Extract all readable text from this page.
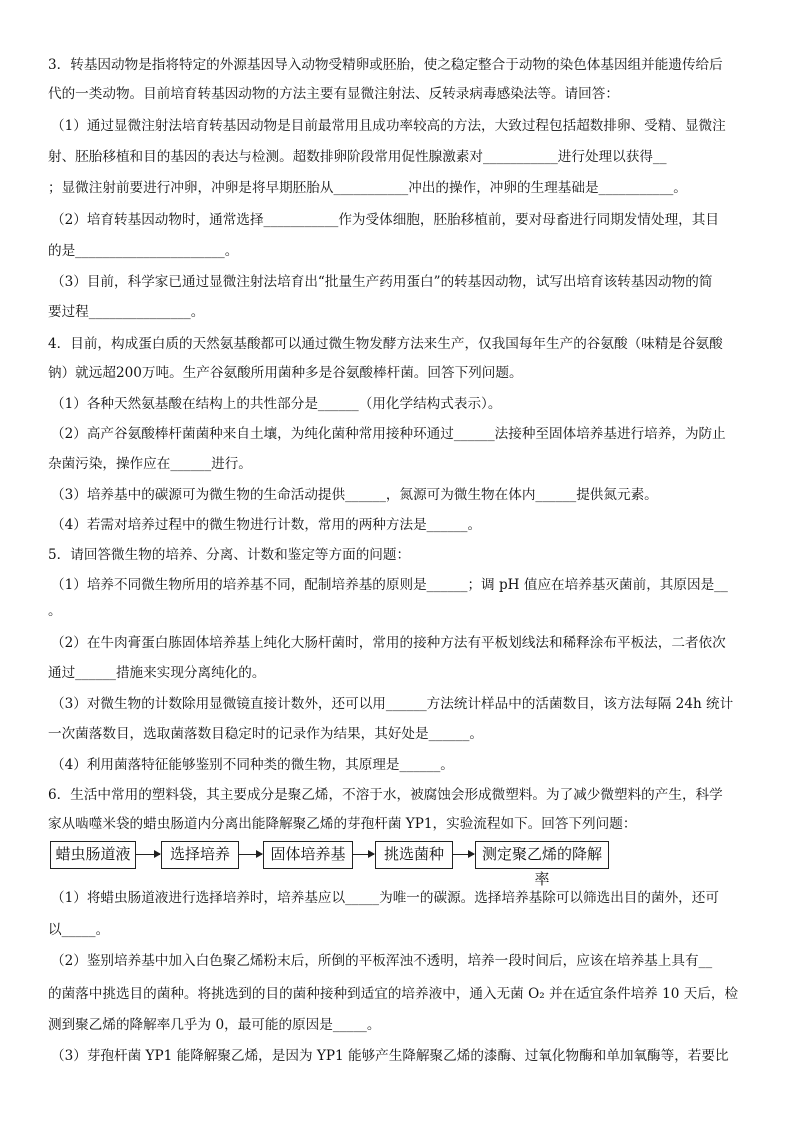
3．转基因动物是指将特定的外源基因导入动物受精卵或胚胎，使之稳定整合于动物的染色体基因组并能遗传给后
代的一类动物。目前培育转基因动物的方法主要有显微注射法、反转录病毒感染法等。请回答：
（1）通过显微注射法培育转基因动物是目前最常用且成功率较高的方法，大致过程包括超数排卵、受精、显微注
射、胚胎移植和目的基因的表达与检测。超数排卵阶段常用促性腺激素对___________进行处理以获得__
；显微注射前要进行冲卵，冲卵是将早期胚胎从___________冲出的操作，冲卵的生理基础是___________。
（2）培育转基因动物时，通常选择___________作为受体细胞，胚胎移植前，要对母畜进行同期发情处理，其目
的是______________________。
（3）目前，科学家已通过显微注射法培育出“批量生产药用蛋白”的转基因动物，试写出培育该转基因动物的简
要过程_______________。
4．目前，构成蛋白质的天然氨基酸都可以通过微生物发酵方法来生产，仅我国每年生产的谷氨酸（味精是谷氨酸
钠）就远超200万吨。生产谷氨酸所用菌种多是谷氨酸棒杆菌。回答下列问题。
（1）各种天然氨基酸在结构上的共性部分是______（用化学结构式表示）。
（2）高产谷氨酸棒杆菌菌种来自土壤，为纯化菌种常用接种环通过______法接种至固体培养基进行培养，为防止
杂菌污染，操作应在______进行。
（3）培养基中的碳源可为微生物的生命活动提供______，氮源可为微生物在体内______提供氮元素。
（4）若需对培养过程中的微生物进行计数，常用的两种方法是______。
5．请回答微生物的培养、分离、计数和鉴定等方面的问题：
（1）培养不同微生物所用的培养基不同，配制培养基的原则是______；调 pH 值应在培养基灭菌前，其原因是__
。
（2）在牛肉膏蛋白胨固体培养基上纯化大肠杆菌时，常用的接种方法有平板划线法和稀释涂布平板法，二者依次
通过______措施来实现分离纯化的。
（3）对微生物的计数除用显微镜直接计数外，还可以用______方法统计样品中的活菌数目，该方法每隔 24h 统计
一次菌落数目，选取菌落数目稳定时的记录作为结果，其好处是______。
（4）利用菌落特征能够鉴别不同种类的微生物，其原理是______。
6．生活中常用的塑料袋，其主要成分是聚乙烯，不溶于水，被腐蚀会形成微塑料。为了减少微塑料的产生，科学
家从啮噬米袋的蜡虫肠道内分离出能降解聚乙烯的芽孢杆菌 YP1，实验流程如下。回答下列问题：
蜡虫肠道液	选择培养	固体培养基	挑选菌种	测定聚乙烯的降解率
（1）将蜡虫肠道液进行选择培养时，培养基应以_____为唯一的碳源。选择培养基除可以筛选出目的菌外，还可
以_____。
（2）鉴别培养基中加入白色聚乙烯粉末后，所倒的平板浑浊不透明，培养一段时间后，应该在培养基上具有__
的菌落中挑选目的菌种。将挑选到的目的菌种接种到适宜的培养液中，通入无菌 O₂ 并在适宜条件培养 10 天后，检
测到聚乙烯的降解率几乎为 0，最可能的原因是_____。
（3）芽孢杆菌 YP1 能降解聚乙烯，是因为 YP1 能够产生降解聚乙烯的漆酶、过氧化物酶和单加氧酶等，若要比
